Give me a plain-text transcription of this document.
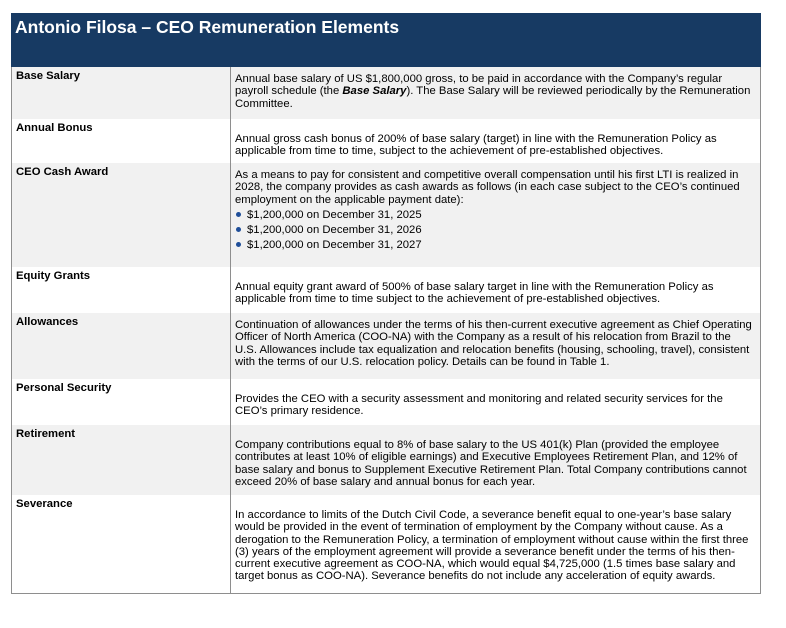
Antonio Filosa – CEO Remuneration Elements
Base Salary	Annual base salary of US $1,800,000 gross, to be paid in accordance with the Company’s regular payroll schedule (the Base Salary). The Base Salary will be reviewed periodically by the Remuneration Committee.
Annual Bonus	Annual gross cash bonus of 200% of base salary (target) in line with the Remuneration Policy as applicable from time to time, subject to the achievement of pre-established objectives.
CEO Cash Award	As a means to pay for consistent and competitive overall compensation until his first LTI is realized in 2028, the company provides as cash awards as follows (in each case subject to the CEO’s continued employment on the applicable payment date):
$1,200,000 on December 31, 2025
$1,200,000 on December 31, 2026
$1,200,000 on December 31, 2027

Equity Grants	Annual equity grant award of 500% of base salary target in line with the Remuneration Policy as applicable from time to time subject to the achievement of pre-established objectives.
Allowances	Continuation of allowances under the terms of his then-current executive agreement as Chief Operating Officer of North America (COO-NA) with the Company as a result of his relocation from Brazil to the U.S. Allowances include tax equalization and relocation benefits (housing, schooling, travel), consistent with the terms of our U.S. relocation policy. Details can be found in Table 1.
Personal Security	Provides the CEO with a security assessment and monitoring and related security services for the CEO’s primary residence.
Retirement	Company contributions equal to 8% of base salary to the US 401(k) Plan (provided the employee contributes at least 10% of eligible earnings) and Executive Employees Retirement Plan, and 12% of base salary and bonus to Supplement Executive Retirement Plan. Total Company contributions cannot exceed 20% of base salary and annual bonus for each year.
Severance	In accordance to limits of the Dutch Civil Code, a severance benefit equal to one-year’s base salary would be provided in the event of termination of employment by the Company without cause. As a derogation to the Remuneration Policy, a termination of employment without cause within the first three (3) years of the employment agreement will provide a severance benefit under the terms of his then-current executive agreement as COO-NA, which would equal $4,725,000 (1.5 times base salary and target bonus as COO-NA). Severance benefits do not include any acceleration of equity awards.
